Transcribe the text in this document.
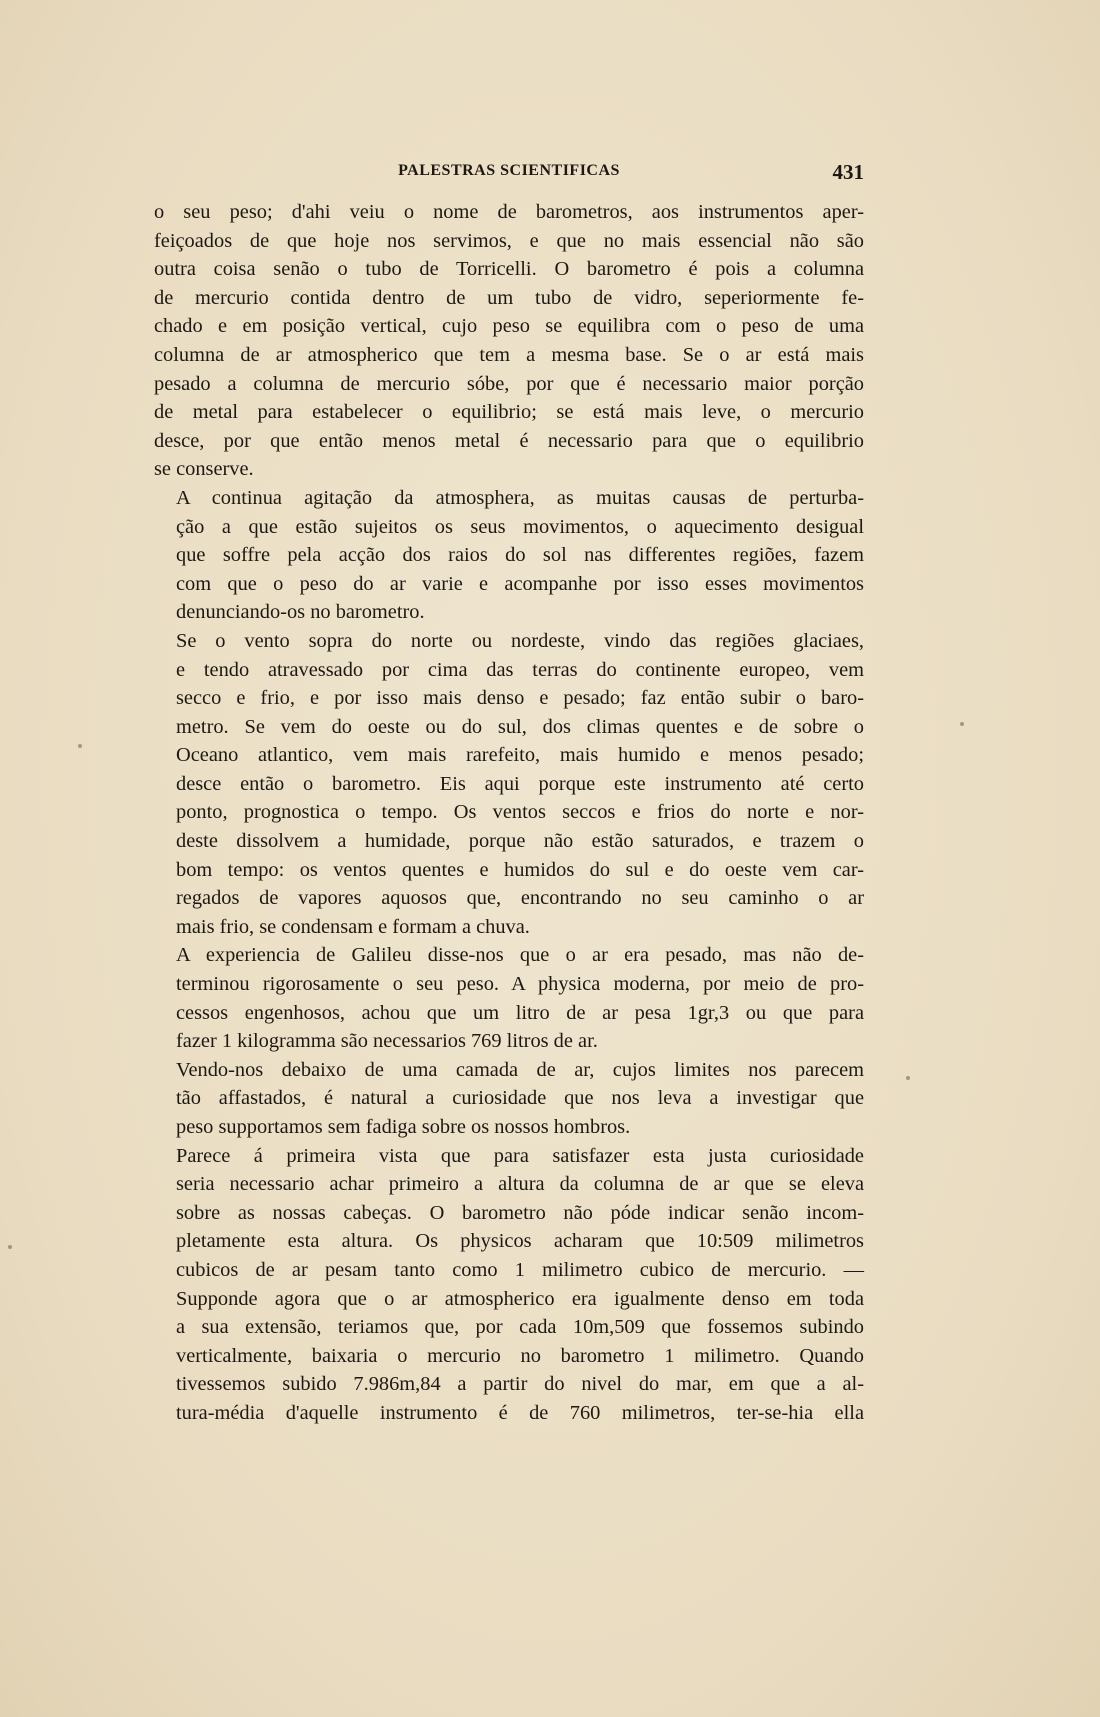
PALESTRAS SCIENTIFICAS	431
o seu peso; d'ahi veiu o nome de barometros, aos instrumentos aper-
feiçoados de que hoje nos servimos, e que no mais essencial não são
outra coisa senão o tubo de Torricelli. O barometro é pois a columna
de mercurio contida dentro de um tubo de vidro, seperiormente fe-
chado e em posição vertical, cujo peso se equilibra com o peso de uma
columna de ar atmospherico que tem a mesma base. Se o ar está mais
pesado a columna de mercurio sóbe, por que é necessario maior porção
de metal para estabelecer o equilibrio; se está mais leve, o mercurio
desce, por que então menos metal é necessario para que o equilibrio
se conserve.
A continua agitação da atmosphera, as muitas causas de perturba-
ção a que estão sujeitos os seus movimentos, o aquecimento desigual
que soffre pela acção dos raios do sol nas differentes regiões, fazem
com que o peso do ar varie e acompanhe por isso esses movimentos
denunciando-os no barometro.
Se o vento sopra do norte ou nordeste, vindo das regiões glaciaes,
e tendo atravessado por cima das terras do continente europeo, vem
secco e frio, e por isso mais denso e pesado; faz então subir o baro-
metro. Se vem do oeste ou do sul, dos climas quentes e de sobre o
Oceano atlantico, vem mais rarefeito, mais humido e menos pesado;
desce então o barometro. Eis aqui porque este instrumento até certo
ponto, prognostica o tempo. Os ventos seccos e frios do norte e nor-
deste dissolvem a humidade, porque não estão saturados, e trazem o
bom tempo: os ventos quentes e humidos do sul e do oeste vem car-
regados de vapores aquosos que, encontrando no seu caminho o ar
mais frio, se condensam e formam a chuva.
A experiencia de Galileu disse-nos que o ar era pesado, mas não de-
terminou rigorosamente o seu peso. A physica moderna, por meio de pro-
cessos engenhosos, achou que um litro de ar pesa 1gr,3 ou que para
fazer 1 kilogramma são necessarios 769 litros de ar.
Vendo-nos debaixo de uma camada de ar, cujos limites nos parecem
tão affastados, é natural a curiosidade que nos leva a investigar que
peso supportamos sem fadiga sobre os nossos hombros.
Parece á primeira vista que para satisfazer esta justa curiosidade
seria necessario achar primeiro a altura da columna de ar que se eleva
sobre as nossas cabeças. O barometro não póde indicar senão incom-
pletamente esta altura. Os physicos acharam que 10:509 milimetros
cubicos de ar pesam tanto como 1 milimetro cubico de mercurio. —
Supponde agora que o ar atmospherico era igualmente denso em toda
a sua extensão, teriamos que, por cada 10m,509 que fossemos subindo
verticalmente, baixaria o mercurio no barometro 1 milimetro. Quando
tivessemos subido 7.986m,84 a partir do nivel do mar, em que a al-
tura-média d'aquelle instrumento é de 760 milimetros, ter-se-hia ella
